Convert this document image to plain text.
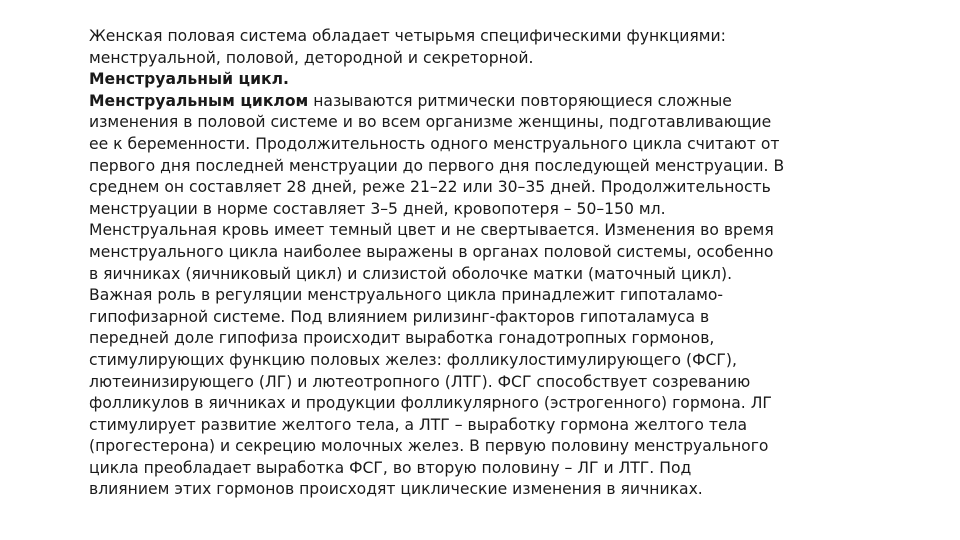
Женская половая система обладает четырьмя специфическими функциями:
менструальной, половой, детородной и секреторной.
Менструальный цикл.
Менструальным циклом называются ритмически повторяющиеся сложные
изменения в половой системе и во всем организме женщины, подготавливающие
ее к беременности. Продолжительность одного менструального цикла считают от
первого дня последней менструации до первого дня последующей менструации. В
среднем он составляет 28 дней, реже 21–22 или 30–35 дней. Продолжительность
менструации в норме составляет 3–5 дней, кровопотеря – 50–150 мл.
Менструальная кровь имеет темный цвет и не свертывается. Изменения во время
менструального цикла наиболее выражены в органах половой системы, особенно
в яичниках (яичниковый цикл) и слизистой оболочке матки (маточный цикл).
Важная роль в регуляции менструального цикла принадлежит гипоталамо-
гипофизарной системе. Под влиянием рилизинг-факторов гипоталамуса в
передней доле гипофиза происходит выработка гонадотропных гормонов,
стимулирующих функцию половых желез: фолликулостимулирующего (ФСГ),
лютеинизирующего (ЛГ) и лютеотропного (ЛТГ). ФСГ способствует созреванию
фолликулов в яичниках и продукции фолликулярного (эстрогенного) гормона. ЛГ
стимулирует развитие желтого тела, а ЛТГ – выработку гормона желтого тела
(прогестерона) и секрецию молочных желез. В первую половину менструального
цикла преобладает выработка ФСГ, во вторую половину – ЛГ и ЛТГ. Под
влиянием этих гормонов происходят циклические изменения в яичниках.
